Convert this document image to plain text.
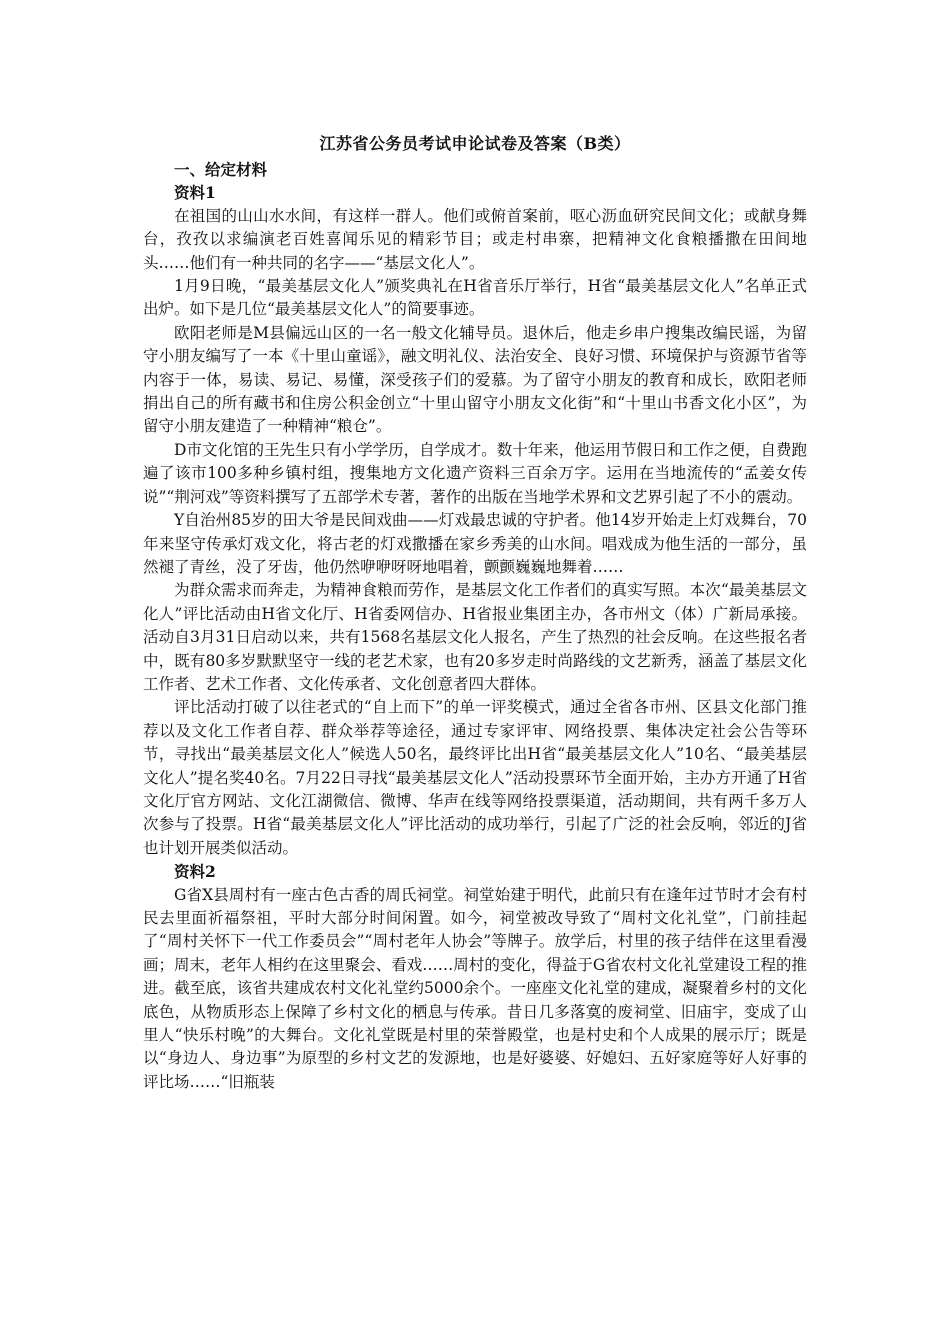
江苏省公务员考试申论试卷及答案（B类）

一、给定材料

资料1

在祖国的山山水水间，有这样一群人。他们或俯首案前，呕心沥血研究民间文化；或献身舞台，孜孜以求编演老百姓喜闻乐见的精彩节目；或走村串寨，把精神文化食粮播撒在田间地头……他们有一种共同的名字——“基层文化人”。

1月9日晚，“最美基层文化人”颁奖典礼在H省音乐厅举行，H省“最美基层文化人”名单正式出炉。如下是几位“最美基层文化人”的简要事迹。

欧阳老师是M县偏远山区的一名一般文化辅导员。退休后，他走乡串户搜集改编民谣，为留守小朋友编写了一本《十里山童谣》，融文明礼仪、法治安全、良好习惯、环境保护与资源节省等内容于一体，易读、易记、易懂，深受孩子们的爱慕。为了留守小朋友的教育和成长，欧阳老师捐出自己的所有藏书和住房公积金创立“十里山留守小朋友文化街”和“十里山书香文化小区”，为留守小朋友建造了一种精神“粮仓”。

D市文化馆的王先生只有小学学历，自学成才。数十年来，他运用节假日和工作之便，自费跑遍了该市100多种乡镇村组，搜集地方文化遗产资料三百余万字。运用在当地流传的“孟姜女传说”“荆河戏”等资料撰写了五部学术专著，著作的出版在当地学术界和文艺界引起了不小的震动。

Y自治州85岁的田大爷是民间戏曲——灯戏最忠诚的守护者。他14岁开始走上灯戏舞台，70年来坚守传承灯戏文化，将古老的灯戏撒播在家乡秀美的山水间。唱戏成为他生活的一部分，虽然褪了青丝，没了牙齿，他仍然咿咿呀呀地唱着，颤颤巍巍地舞着……

为群众需求而奔走，为精神食粮而劳作，是基层文化工作者们的真实写照。本次“最美基层文化人”评比活动由H省文化厅、H省委网信办、H省报业集团主办，各市州文（体）广新局承接。活动自3月31日启动以来，共有1568名基层文化人报名，产生了热烈的社会反响。在这些报名者中，既有80多岁默默坚守一线的老艺术家，也有20多岁走时尚路线的文艺新秀，涵盖了基层文化工作者、艺术工作者、文化传承者、文化创意者四大群体。

评比活动打破了以往老式的“自上而下”的单一评奖模式，通过全省各市州、区县文化部门推荐以及文化工作者自荐、群众举荐等途径，通过专家评审、网络投票、集体决定社会公告等环节，寻找出“最美基层文化人”候选人50名，最终评比出H省“最美基层文化人”10名、“最美基层文化人”提名奖40名。7月22日寻找“最美基层文化人”活动投票环节全面开始，主办方开通了H省文化厅官方网站、文化江湖微信、微博、华声在线等网络投票渠道，活动期间，共有两千多万人次参与了投票。H省“最美基层文化人”评比活动的成功举行，引起了广泛的社会反响，邻近的J省也计划开展类似活动。

资料2

G省X县周村有一座古色古香的周氏祠堂。祠堂始建于明代，此前只有在逢年过节时才会有村民去里面祈福祭祖，平时大部分时间闲置。如今，祠堂被改导致了“周村文化礼堂”，门前挂起了“周村关怀下一代工作委员会”“周村老年人协会”等牌子。放学后，村里的孩子结伴在这里看漫画；周末，老年人相约在这里聚会、看戏……周村的变化，得益于G省农村文化礼堂建设工程的推进。截至底，该省共建成农村文化礼堂约5000余个。一座座文化礼堂的建成，凝聚着乡村的文化底色，从物质形态上保障了乡村文化的栖息与传承。昔日几多落寞的废祠堂、旧庙宇，变成了山里人“快乐村晚”的大舞台。文化礼堂既是村里的荣誉殿堂，也是村史和个人成果的展示厅；既是以“身边人、身边事”为原型的乡村文艺的发源地，也是好婆婆、好媳妇、五好家庭等好人好事的评比场……“旧瓶装
